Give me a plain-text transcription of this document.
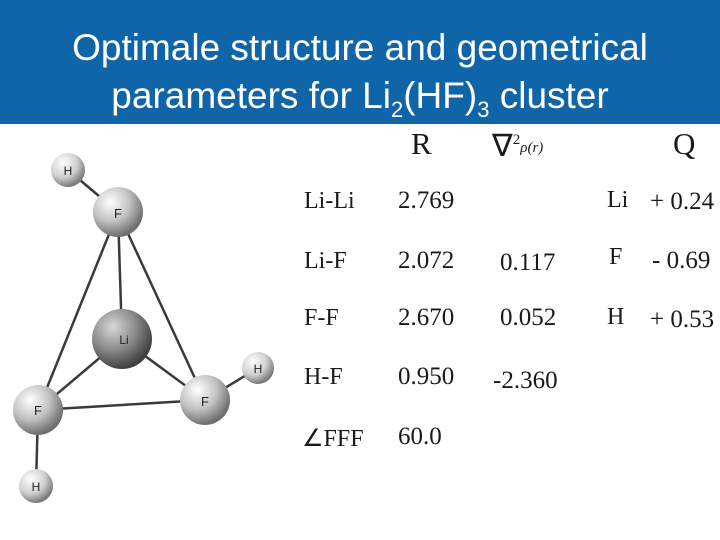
Optimale structure and geometrical
parameters for $Li_2(HF)_3$ cluster
H
F
Li
H
F
F
H
R ∇$^2$ρ(r)	Q
Li-Li
Li-F
F-F
H-F
∠FFF
2.769
2.072
2.670
0.950
60.0
0.117
0.052
-2.360
Li + 0.24
F - 0.69
H + 0.53
